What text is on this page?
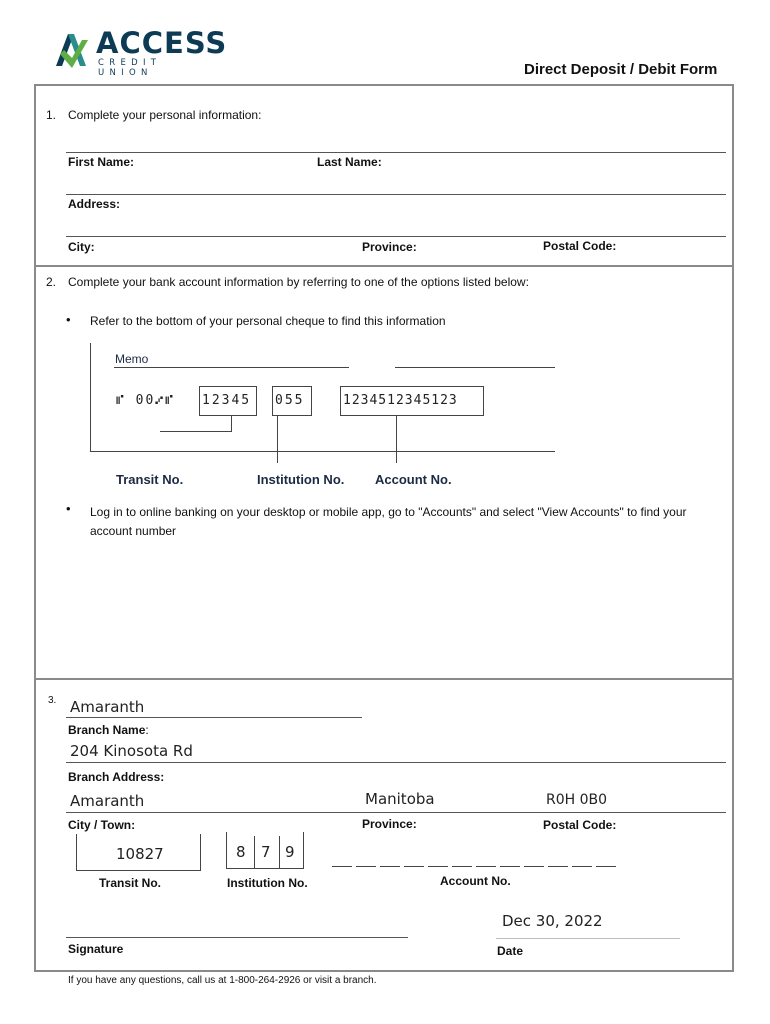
ACCESS
CREDIT UNION	Direct Deposit / Debit Form
1. Complete your personal information:
First Name:	Last Name:
Address:
City:	Province:	Postal Code:
2. Complete your bank account information by referring to one of the options listed below:
• Refer to the bottom of your personal cheque to find this information
Memo
⑈ 00⑇⑈ 12345 055	1234512345123
Transit No.	Institution No. Account No.
• Log in to online banking on your desktop or mobile app, go to "Accounts" and select "View Accounts" to find your account number
3. Amaranth
Branch Name:
204 Kinosota Rd
Branch Address:
Amaranth	Manitoba	R0H 0B0
City / Town:	Province:	Postal Code:
10827
Transit No.
8 7 9
Institution No.	Account No.
Signature
Dec 30, 2022
Date
If you have any questions, call us at 1-800-264-2926 or visit a branch.
